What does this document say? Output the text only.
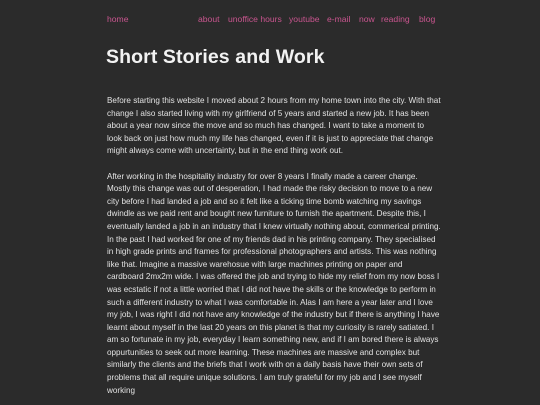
home	about unoffice hours youtube e-mail now reading blog
Short Stories and Work

Before starting this website I moved about 2 hours from my home town into the city. With that change I also started living with my girlfriend of 5 years and started a new job. It has been about a year now since the move and so much has changed. I want to take a moment to look back on just how much my life has changed, even if it is just to appreciate that change might always come with uncertainty, but in the end thing work out.

After working in the hospitality industry for over 8 years I finally made a career change. Mostly this change was out of desperation, I had made the risky decision to move to a new city before I had landed a job and so it felt like a ticking time bomb watching my savings dwindle as we paid rent and bought new furniture to furnish the apartment. Despite this, I eventually landed a job in an industry that I knew virtually nothing about, commerical printing. In the past I had worked for one of my friends dad in his printing company. They specialised in high grade prints and frames for professional photographers and artists. This was nothing like that. Imagine a massive warehosue with large machines printing on paper and cardboard 2mx2m wide. I was offered the job and trying to hide my relief from my now boss I was ecstatic if not a little worried that I did not have the skills or the knowledge to perform in such a different industry to what I was comfortable in. Alas I am here a year later and I love my job, I was right I did not have any knowledge of the industry but if there is anything I have learnt about myself in the last 20 years on this planet is that my curiosity is rarely satiated. I am so fortunate in my job, everyday I learn something new, and if I am bored there is always oppurtunities to seek out more learning. These machines are massive and complex but similarly the clients and the briefs that I work with on a daily basis have their own sets of problems that all require unique solutions. I am truly grateful for my job and I see myself working
